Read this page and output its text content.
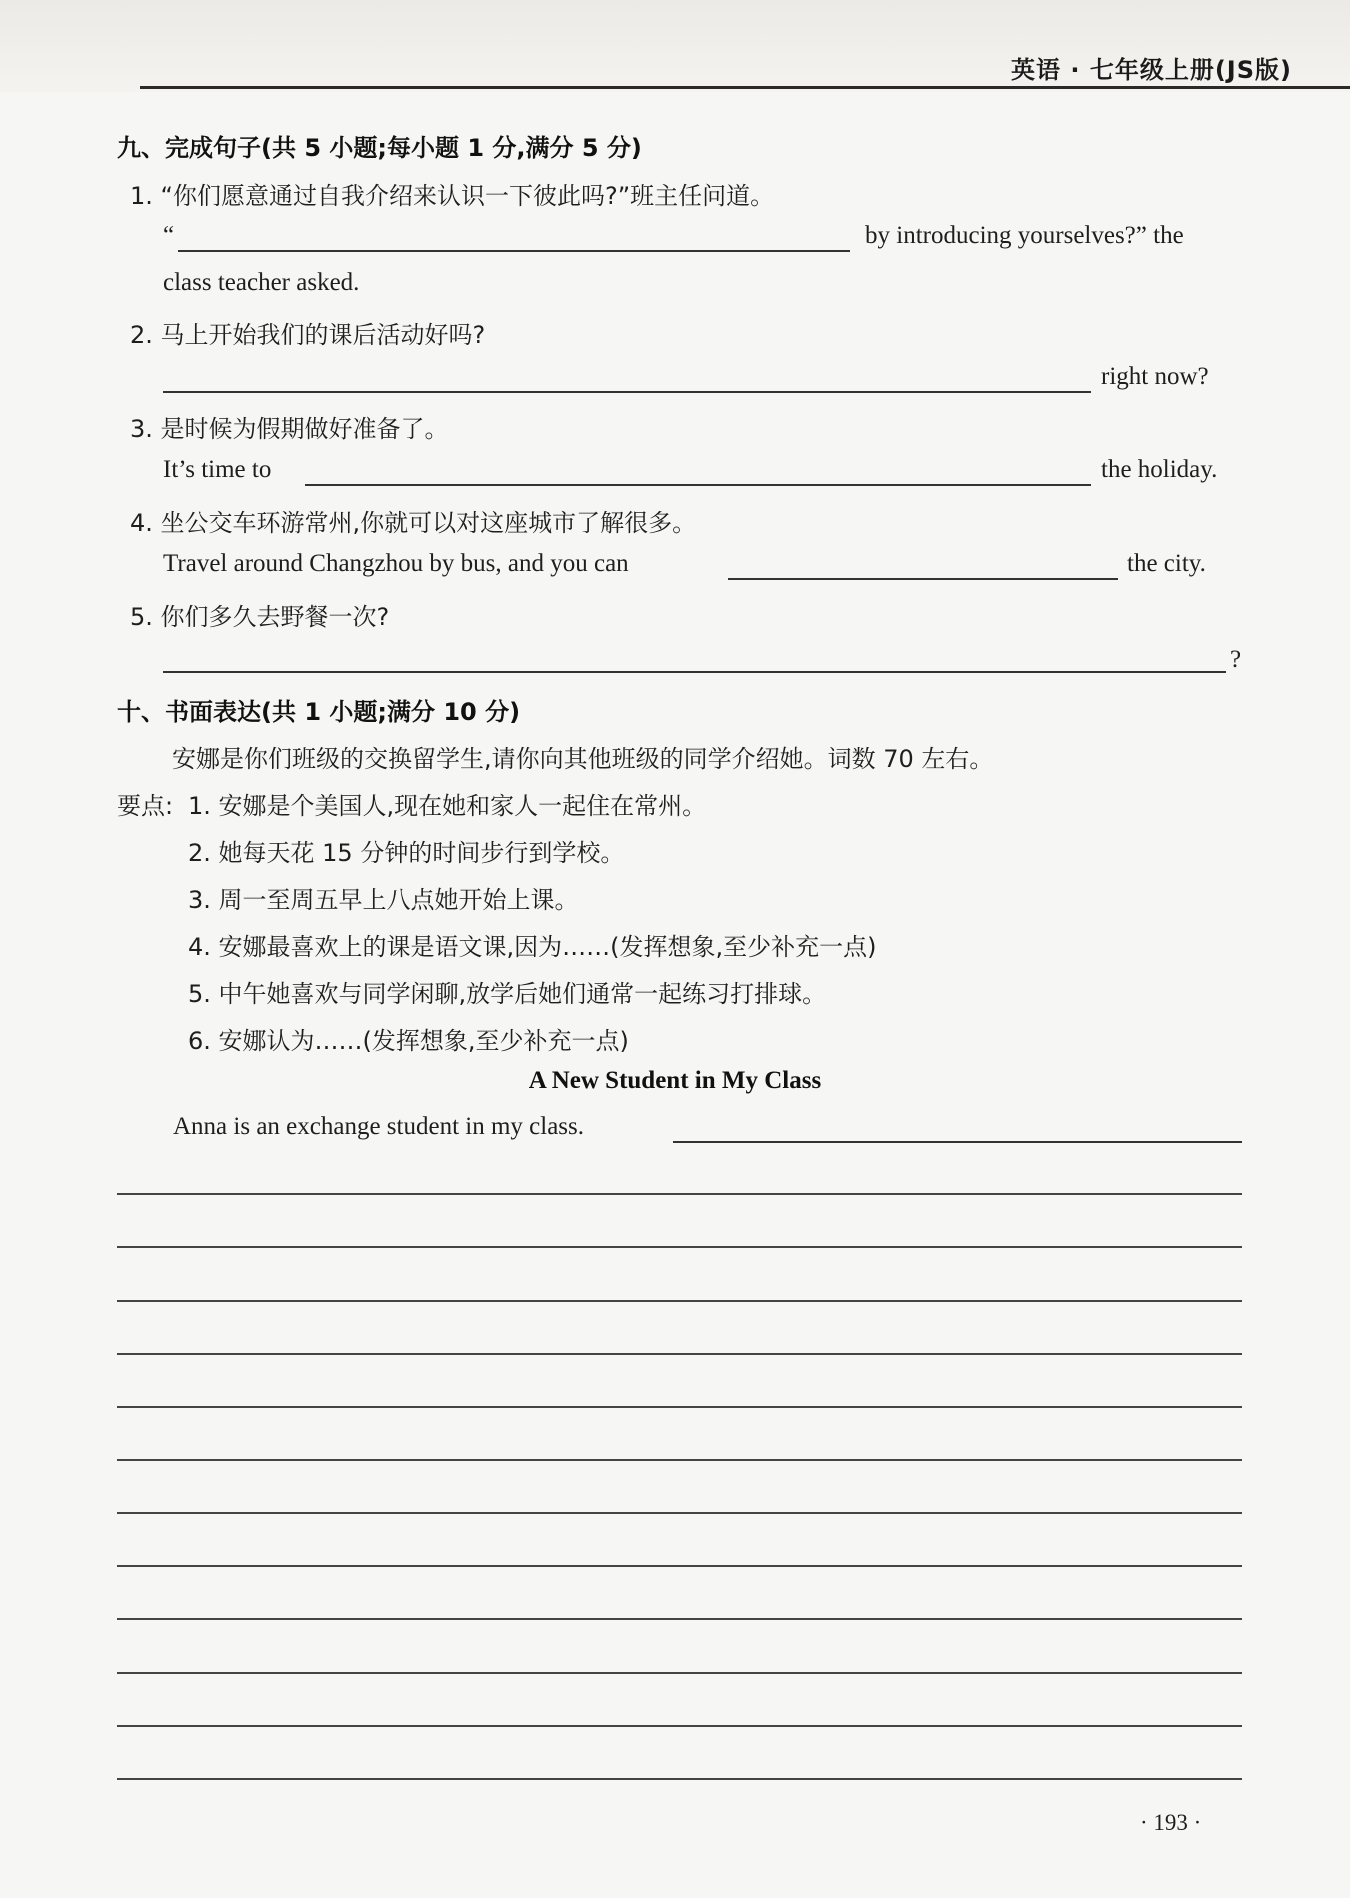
英语 · 七年级上册(JS版)
九、完成句子(共 5 小题;每小题 1 分,满分 5 分)
1. “你们愿意通过自我介绍来认识一下彼此吗?”班主任问道。
“	by introducing yourselves?” the
class teacher asked.
2. 马上开始我们的课后活动好吗?
right now?
3. 是时候为假期做好准备了。
It’s time to	the holiday.
4. 坐公交车环游常州,你就可以对这座城市了解很多。
Travel around Changzhou by bus, and you can	the city.
5. 你们多久去野餐一次?
?
十、书面表达(共 1 小题;满分 10 分)
安娜是你们班级的交换留学生,请你向其他班级的同学介绍她。词数 70 左右。
要点: 1. 安娜是个美国人,现在她和家人一起住在常州。
2. 她每天花 15 分钟的时间步行到学校。
3. 周一至周五早上八点她开始上课。
4. 安娜最喜欢上的课是语文课,因为……(发挥想象,至少补充一点)
5. 中午她喜欢与同学闲聊,放学后她们通常一起练习打排球。
6. 安娜认为……(发挥想象,至少补充一点)
A New Student in My Class
Anna is an exchange student in my class.
· 193 ·
